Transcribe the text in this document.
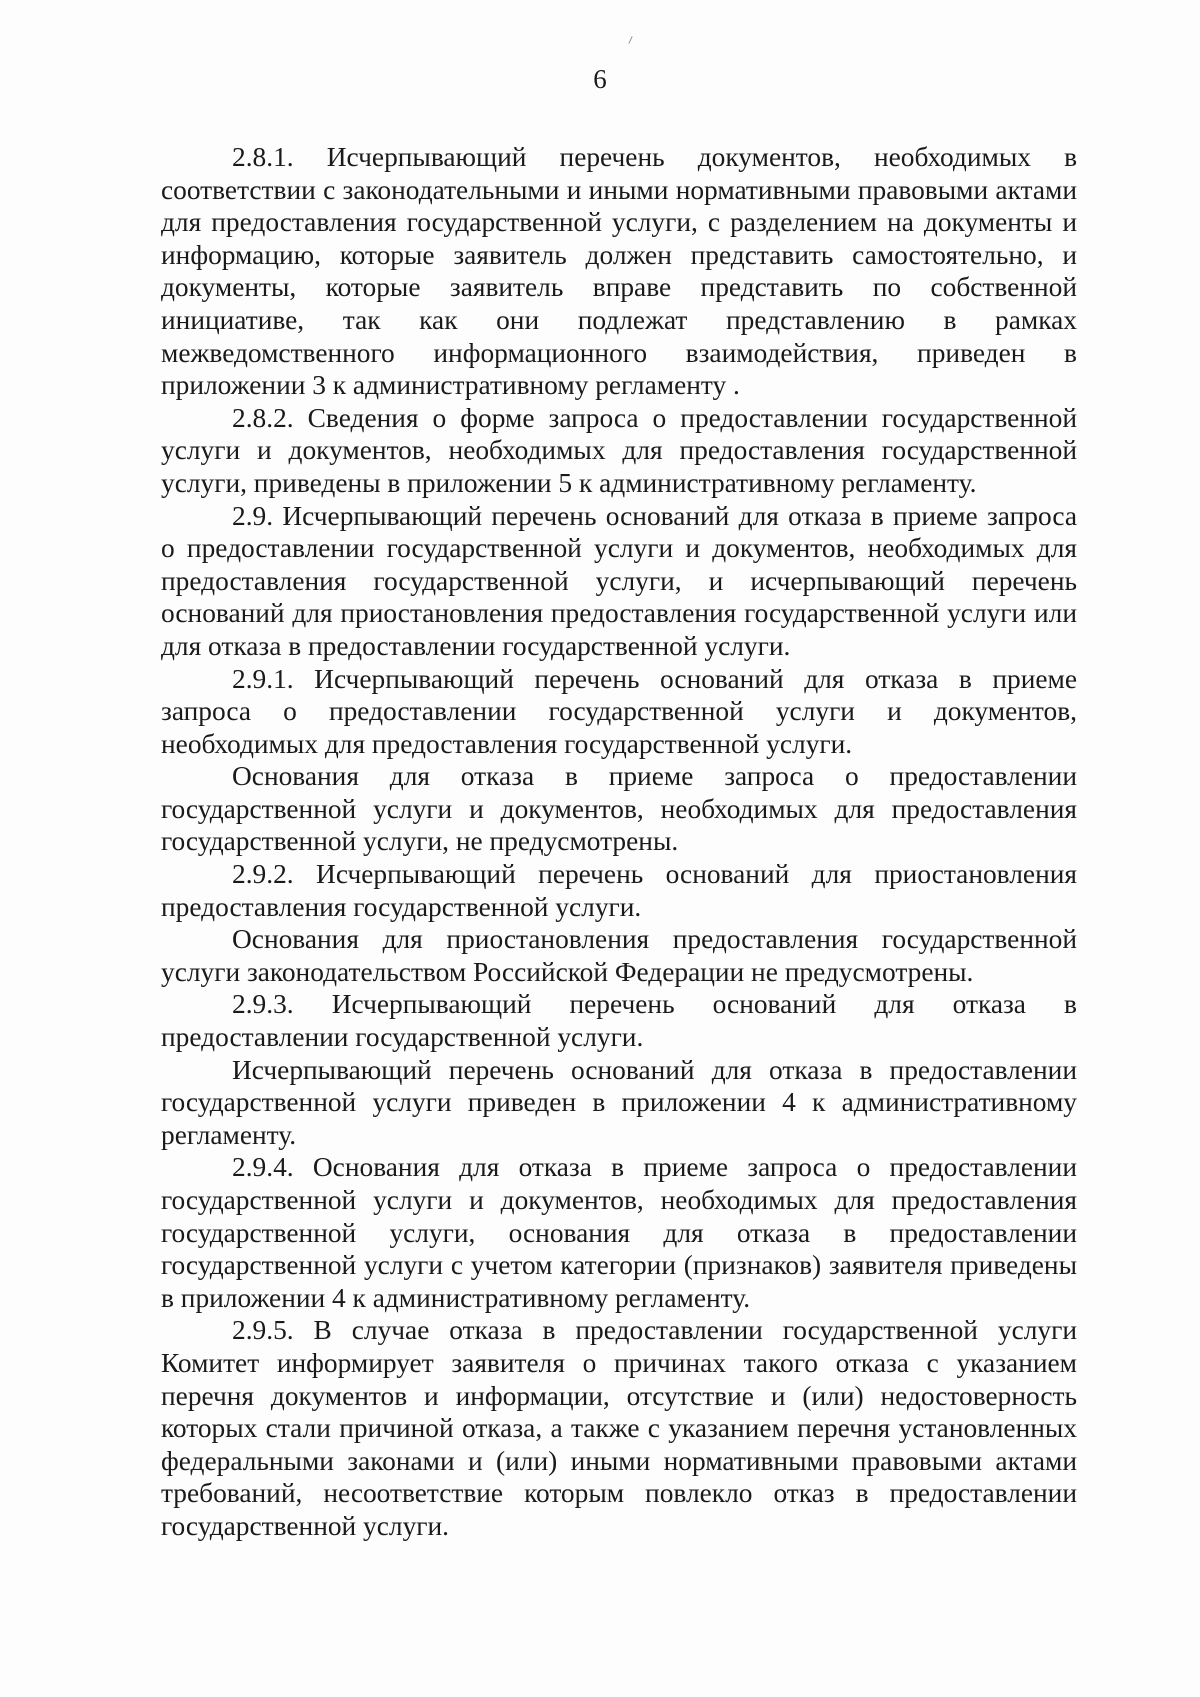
6

2.8.1. Исчерпывающий перечень документов, необходимых в соответствии с законодательными и иными нормативными правовыми актами для предоставления государственной услуги, с разделением на документы и информацию, которые заявитель должен представить самостоятельно, и документы, которые заявитель вправе представить по собственной инициативе, так как они подлежат представлению в рамках межведомственного информационного взаимодействия, приведен в приложении 3 к административному регламенту .

2.8.2. Сведения о форме запроса о предоставлении государственной услуги и документов, необходимых для предоставления государственной услуги, приведены в приложении 5 к административному регламенту.

2.9. Исчерпывающий перечень оснований для отказа в приеме запроса о предоставлении государственной услуги и документов, необходимых для предоставления государственной услуги, и исчерпывающий перечень оснований для приостановления предоставления государственной услуги или для отказа в предоставлении государственной услуги.

2.9.1. Исчерпывающий перечень оснований для отказа в приеме запроса о предоставлении государственной услуги и документов, необходимых для предоставления государственной услуги.

Основания для отказа в приеме запроса о предоставлении государственной услуги и документов, необходимых для предоставления государственной услуги, не предусмотрены.

2.9.2. Исчерпывающий перечень оснований для приостановления предоставления государственной услуги.

Основания для приостановления предоставления государственной услуги законодательством Российской Федерации не предусмотрены.

2.9.3. Исчерпывающий перечень оснований для отказа в предоставлении государственной услуги.

Исчерпывающий перечень оснований для отказа в предоставлении государственной услуги приведен в приложении 4 к административному регламенту.

2.9.4. Основания для отказа в приеме запроса о предоставлении государственной услуги и документов, необходимых для предоставления государственной услуги, основания для отказа в предоставлении государственной услуги с учетом категории (признаков) заявителя приведены в приложении 4 к административному регламенту.

2.9.5. В случае отказа в предоставлении государственной услуги Комитет информирует заявителя о причинах такого отказа с указанием перечня документов и информации, отсутствие и (или) недостоверность которых стали причиной отказа, а также с указанием перечня установленных федеральными законами и (или) иными нормативными правовыми актами требований, несоответствие которым повлекло отказ в предоставлении государственной услуги.
